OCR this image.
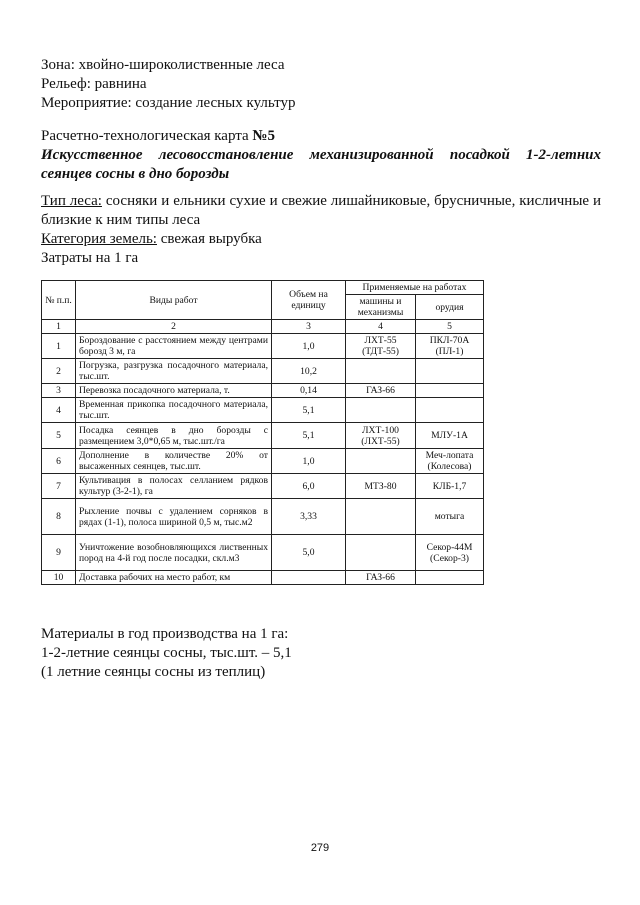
Зона: хвойно-широколиственные леса

Рельеф: равнина

Мероприятие: создание лесных культур

Расчетно-технологическая карта №5

Искусственное лесовосстановление механизированной посадкой 1-2-летних сеянцев сосны в дно борозды

Тип леса: сосняки и ельники сухие и свежие лишайниковые, брусничные, кисличные и близкие к ним типы леса

Категория земель: свежая вырубка

Затраты на 1 га

№ п.п.	Виды работ	Объем на единицу	Применяемые на работах	
			машины и механизмы	орудия
1	2	3	4	5
1	Бороздование с расстоянием между центрами борозд 3 м, га	1,0	ЛХТ-55 (ТДТ-55)	ПКЛ-70А (ПЛ-1)
2	Погрузка, разгрузка посадочного материала, тыс.шт.	10,2		
3	Перевозка посадочного материала, т.	0,14	ГАЗ-66	
4	Временная прикопка посадочного материала, тыс.шт.	5,1		
5	Посадка сеянцев в дно борозды с размещением 3,0*0,65 м, тыс.шт./га	5,1	ЛХТ-100 (ЛХТ-55)	МЛУ-1А
6	Дополнение в количестве 20% от высаженных сеянцев, тыс.шт.	1,0		Меч-лопата (Колесова)
7	Культивация в полосах селланием рядков культур (3-2-1), га	6,0	МТЗ-80	КЛБ-1,7
8	Рыхление почвы с удалением сорняков в рядах (1-1), полоса шириной 0,5 м, тыс.м2	3,33		мотыга
9	Уничтожение возобновляющихся лиственных пород на 4-й год после посадки, скл.м3	5,0		Секор-44М (Секор-3)
10	Доставка рабочих на место работ, км		ГАЗ-66	

Материалы в год производства на 1 га:

1-2-летние сеянцы сосны, тыс.шт. – 5,1

(1 летние сеянцы сосны из теплиц)

279
